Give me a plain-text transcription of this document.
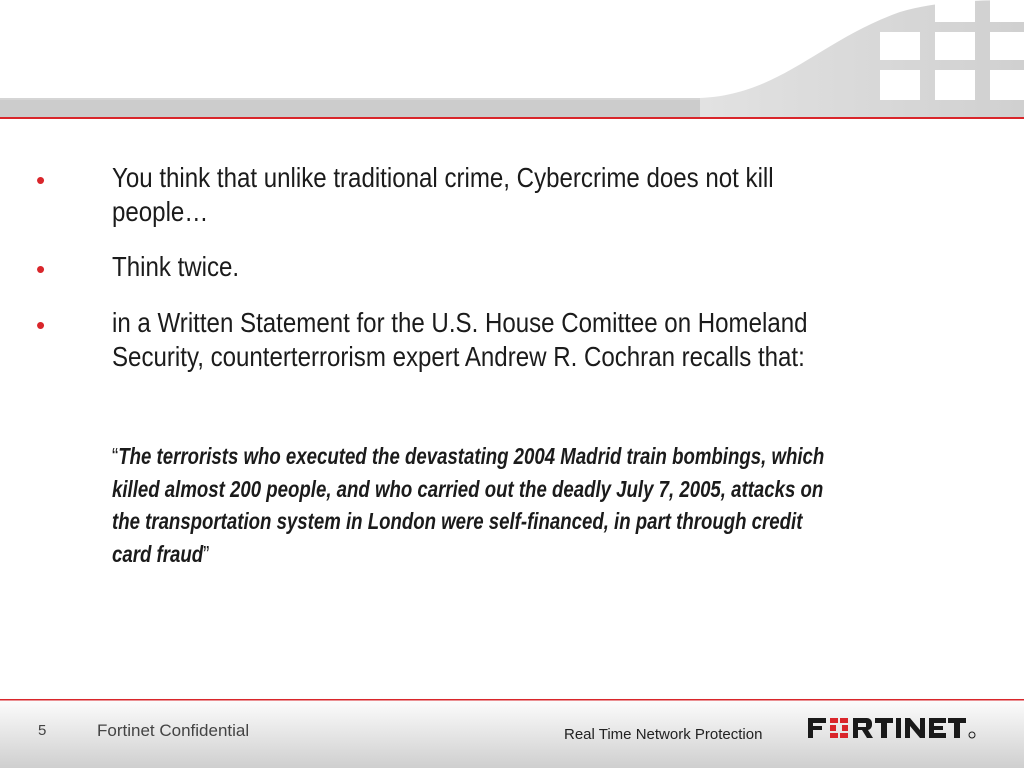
• You think that unlike traditional crime, Cybercrime does not kill
people…
• Think twice.
• in a Written Statement for the U.S. House Comittee on Homeland
Security, counterterrorism expert Andrew R. Cochran recalls that:
“The terrorists who executed the devastating 2004 Madrid train bombings, which
killed almost 200 people, and who carried out the deadly July 7, 2005, attacks on
the transportation system in London were self-financed, in part through credit
card fraud”
5	Fortinet Confidential	Real Time Network Protection
